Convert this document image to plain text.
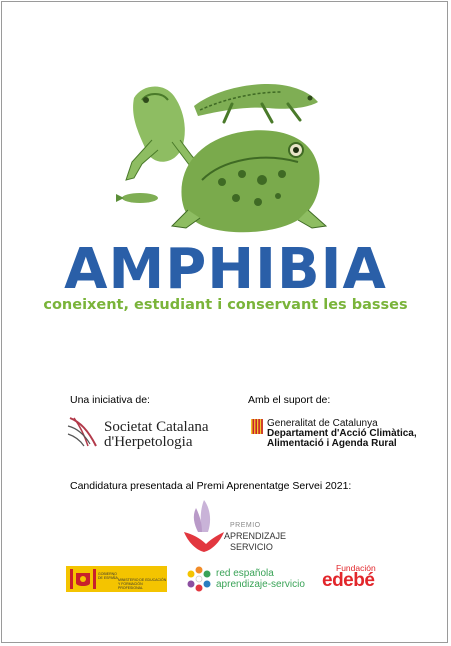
AMPHIBIA
coneixent, estudiant i conservant les basses
Una iniciativa de:
Societat Catalana
d'Herpetologia
Amb el suport de:
Generalitat de Catalunya
Departament d'Acció Climàtica,
Alimentació i Agenda Rural
Candidatura presentada al Premi Aprenentatge Servei 2021:
PREMIO
APRENDIZAJE
SERVICIO
GOBIERNO
DE ESPAÑA MINISTERIO DE EDUCACIÓN
Y FORMACIÓN PROFESIONAL
red española
aprendizaje-servicio
Fundación
edebé
